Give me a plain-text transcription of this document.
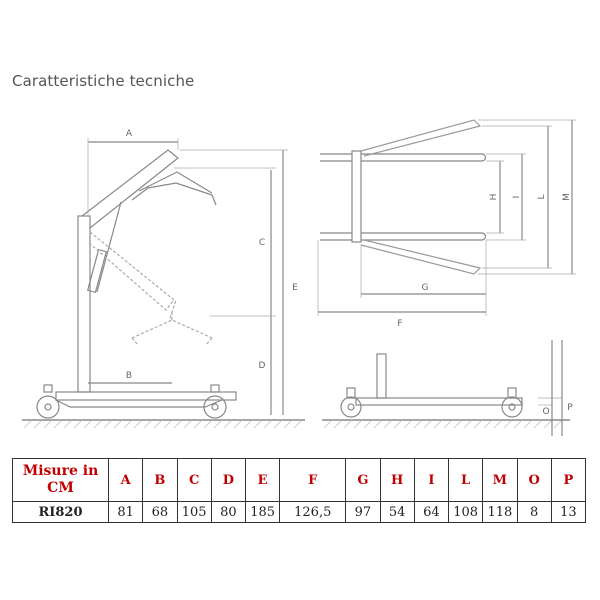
Caratteristiche tecniche
A
B
C
D
E
F
G
H I L M
O P
Misure in
CM	A	B	C	D	E	F	G	H	I	L	M	O	P
RI820	81	68	105	80	185	126,5	97	54	64	108	118	8	13
